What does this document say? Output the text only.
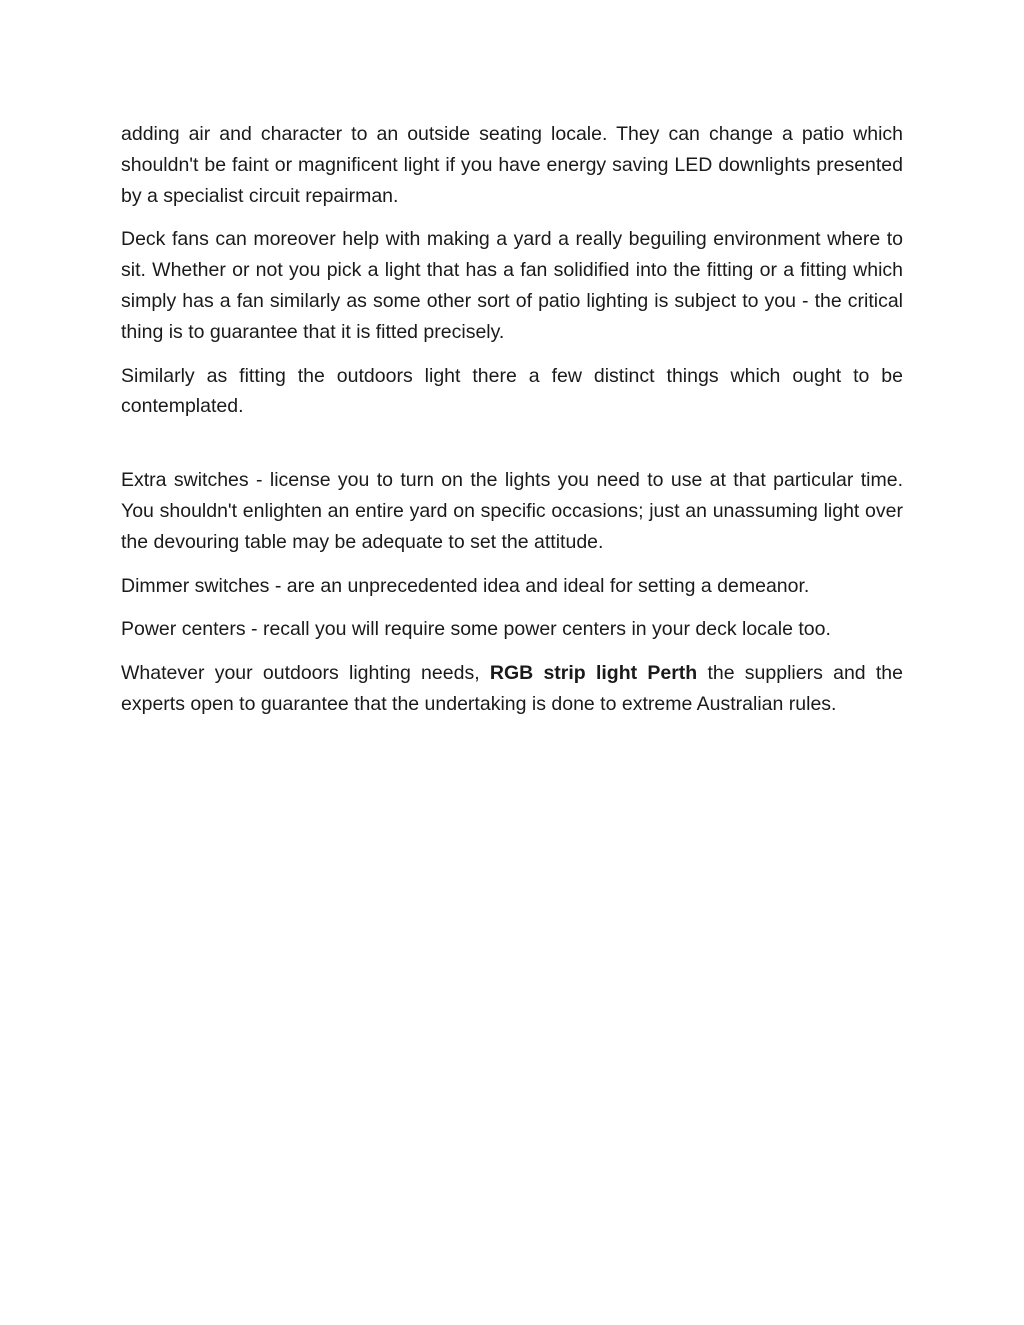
adding air and character to an outside seating locale. They can change a patio which shouldn't be faint or magnificent light if you have energy saving LED downlights presented by a specialist circuit repairman.

Deck fans can moreover help with making a yard a really beguiling environment where to sit. Whether or not you pick a light that has a fan solidified into the fitting or a fitting which simply has a fan similarly as some other sort of patio lighting is subject to you - the critical thing is to guarantee that it is fitted precisely.

Similarly as fitting the outdoors light there a few distinct things which ought to be contemplated.

Extra switches - license you to turn on the lights you need to use at that particular time. You shouldn't enlighten an entire yard on specific occasions; just an unassuming light over the devouring table may be adequate to set the attitude.

Dimmer switches - are an unprecedented idea and ideal for setting a demeanor.

Power centers - recall you will require some power centers in your deck locale too.

Whatever your outdoors lighting needs, RGB strip light Perth the suppliers and the experts open to guarantee that the undertaking is done to extreme Australian rules.
